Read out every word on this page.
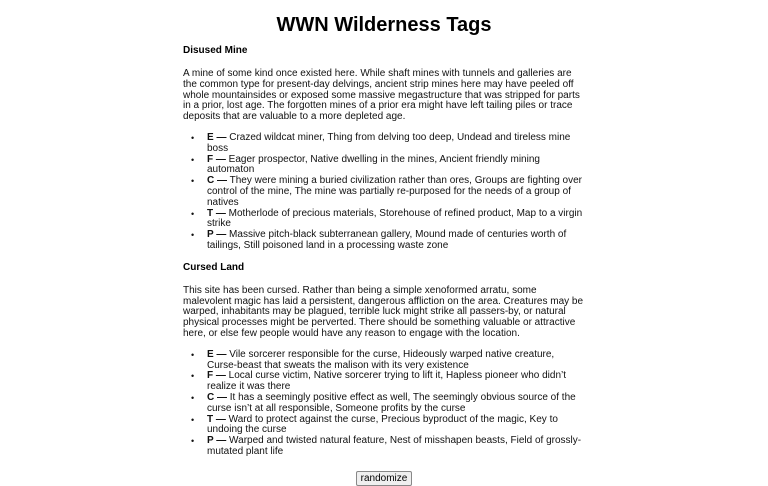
WWN Wilderness Tags
Disused Mine

A mine of some kind once existed here. While shaft mines with tunnels and galleries are the common type for present-day delvings, ancient strip mines here may have peeled off whole mountainsides or exposed some massive megastructure that was stripped for parts in a prior, lost age. The forgotten mines of a prior era might have left tailing piles or trace deposits that are valuable to a more depleted age.

• E — Crazed wildcat miner, Thing from delving too deep, Undead and tireless mine boss
• F — Eager prospector, Native dwelling in the mines, Ancient friendly mining automaton
• C — They were mining a buried civilization rather than ores, Groups are fighting over control of the mine, The mine was partially re-purposed for the needs of a group of natives
• T — Motherlode of precious materials, Storehouse of refined product, Map to a virgin strike
• P — Massive pitch-black subterranean gallery, Mound made of centuries worth of tailings, Still poisoned land in a processing waste zone
Cursed Land

This site has been cursed. Rather than being a simple xenoformed arratu, some malevolent magic has laid a persistent, dangerous affliction on the area. Creatures may be warped, inhabitants may be plagued, terrible luck might strike all passers-by, or natural physical processes might be perverted. There should be something valuable or attractive here, or else few people would have any reason to engage with the location.

• E — Vile sorcerer responsible for the curse, Hideously warped native creature, Curse-beast that sweats the malison with its very existence
• F — Local curse victim, Native sorcerer trying to lift it, Hapless pioneer who didn’t realize it was there
• C — It has a seemingly positive effect as well, The seemingly obvious source of the curse isn’t at all responsible, Someone profits by the curse
• T — Ward to protect against the curse, Precious byproduct of the magic, Key to undoing the curse
• P — Warped and twisted natural feature, Nest of misshapen beasts, Field of grossly-mutated plant life
randomize
